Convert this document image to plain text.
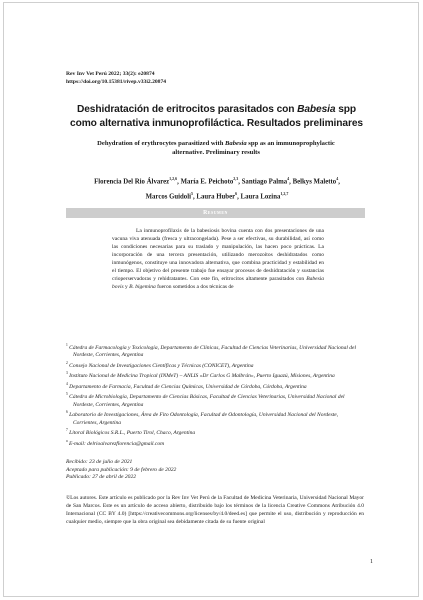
Rev Inv Vet Perú 2022; 33(2): e20874
https://doi.org/10.15381/rivep.v33i2.20874
Deshidratación de eritrocitos parasitados con Babesia spp como alternativa inmunoprofiláctica. Resultados preliminares
Dehydration of erythrocytes parasitized with Babesia spp as an immunoprophylactic alternative. Preliminary results
Florencia Del Rio Álvarez$^{1,2,6}$, María E. Peichoto$^{2,3}$, Santiago Palma$^4$, Belkys Maletto$^4$, Marcos Guidoli$^5$, Laura Huber$^6$, Laura Lozina$^{1,2,7}$
Resumen

La inmunoprofilaxis de la babesiosis bovina cuenta con dos presentaciones de una vacuna viva atenuada (fresca y ultracongelada). Pese a ser efectivas, su durabilidad, así como las condiciones necesarias para su traslado y manipulación, las hacen poco prácticas. La incorporación de una tercera presentación, utilizando merozoítos deshidratados como inmunógenos, constituye una innovadora alternativa, que combina practicidad y estabilidad en el tiempo. El objetivo del presente trabajo fue ensayar procesos de deshidratación y sustancias crioperservadoras y rehidratantes. Con este fin, eritrocitos altamente parasitados con Babesia bovis y B. bigemina fueron sometidos a dos técnicas de

$^1$ Cátedra de Farmacología y Toxicología, Departamento de Clínicas, Facultad de Ciencias Veterinarias, Universidad Nacional del Nordeste, Corrientes, Argentina

$^2$ Consejo Nacional de Investigaciones Científicas y Técnicas (CONICET), Argentina

$^3$ Instituto Nacional de Medicina Tropical (INMeT) – ANLIS «Dr Carlos G Malbrán», Puerto Iguazú, Misiones, Argentina

$^4$ Departamento de Farmacia, Facultad de Ciencias Químicas, Universidad de Córdoba, Córdoba, Argentina

$^5$ Cátedra de Microbiología, Departamento de Ciencias Básicas, Facultad de Ciencias Veterinarias, Universidad Nacional del Nordeste, Corrientes, Argentina

$^6$ Laboratorio de Investigaciones, Área de Fito Odontología, Facultad de Odontología, Universidad Nacional del Nordeste, Corrientes, Argentina

$^7$ Litoral Biológicos S.R.L., Puerto Tirol, Chaco, Argentina

$^a$ E-mail: delrioalvarezflorencia@gmail.com

Recibido: 23 de julio de 2021
Aceptado para publicación: 9 de febrero de 2022
Publicado: 27 de abril de 2022
©Los autores. Este artículo es publicado por la Rev Inv Vet Perú de la Facultad de Medicina Veterinaria, Universidad Nacional Mayor de San Marcos. Este es un artículo de acceso abierto, distribuido bajo los términos de la licencia Creative Commons Atribución 4.0 Internacional (CC BY 4.0) [https://creativecommons.org/licenses/by/4.0/deed.es] que permite el uso, distribución y reproducción en cualquier medio, siempre que la obra original sea debidamente citada de su fuente original
1
